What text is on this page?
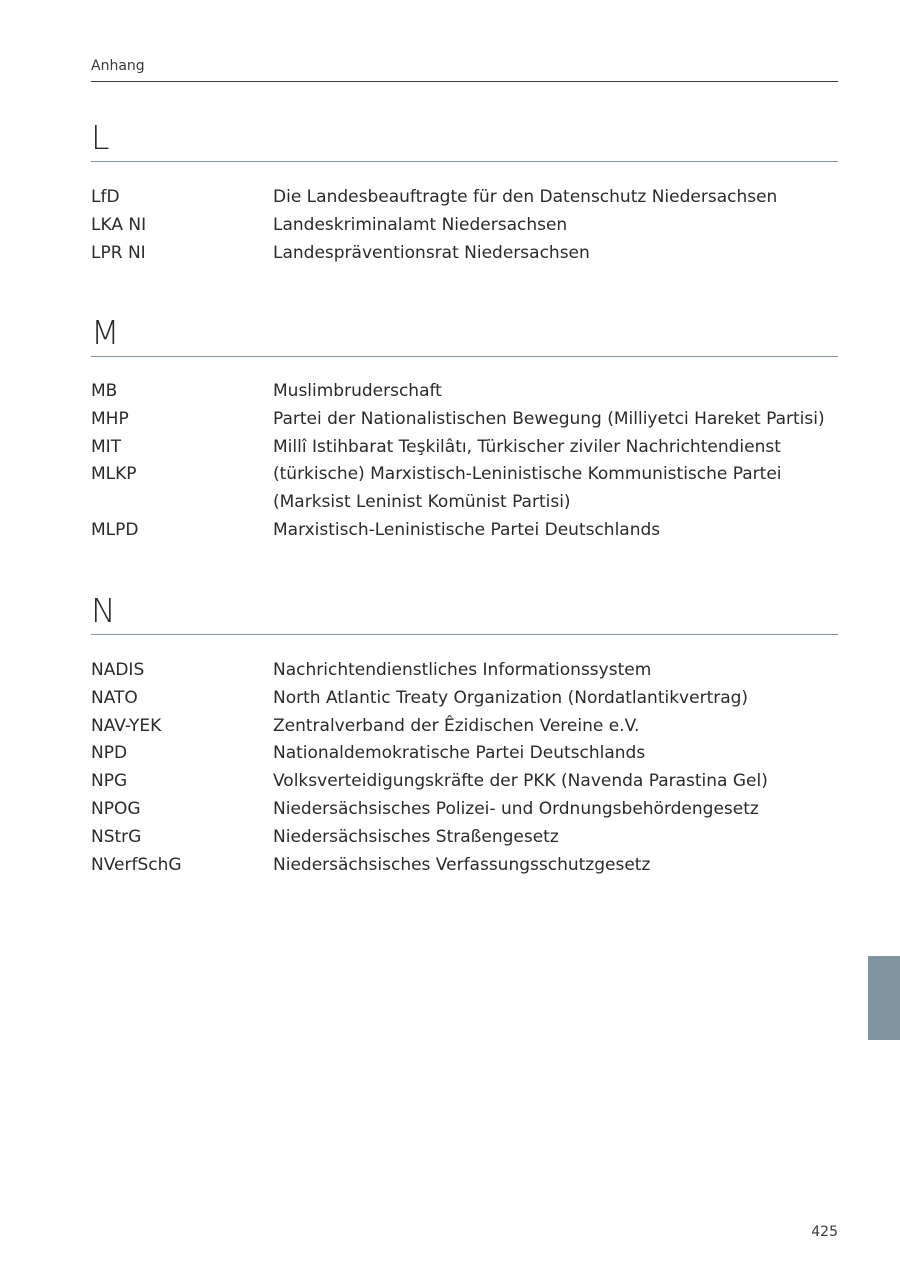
Anhang
L
LfD	Die Landesbeauftragte für den Datenschutz Niedersachsen
LKA NI	Landeskriminalamt Niedersachsen
LPR NI	Landespräventionsrat Niedersachsen
M
MB	Muslimbruderschaft
MHP	Partei der Nationalistischen Bewegung (Milliyetci Hareket Partisi)
MIT	Millî Istihbarat Teşkilâtı, Türkischer ziviler Nachrichtendienst
MLKP	(türkische) Marxistisch-Leninistische Kommunistische Partei
(Marksist Leninist Komünist Partisi)
MLPD	Marxistisch-Leninistische Partei Deutschlands
N
NADIS	Nachrichtendienstliches Informationssystem
NATO	North Atlantic Treaty Organization (Nordatlantikvertrag)
NAV-YEK	Zentralverband der Êzidischen Vereine e.V.
NPD	Nationaldemokratische Partei Deutschlands
NPG	Volksverteidigungskräfte der PKK (Navenda Parastina Gel)
NPOG	Niedersächsisches Polizei- und Ordnungsbehördengesetz
NStrG	Niedersächsisches Straßengesetz
NVerfSchG	Niedersächsisches Verfassungsschutzgesetz
425
